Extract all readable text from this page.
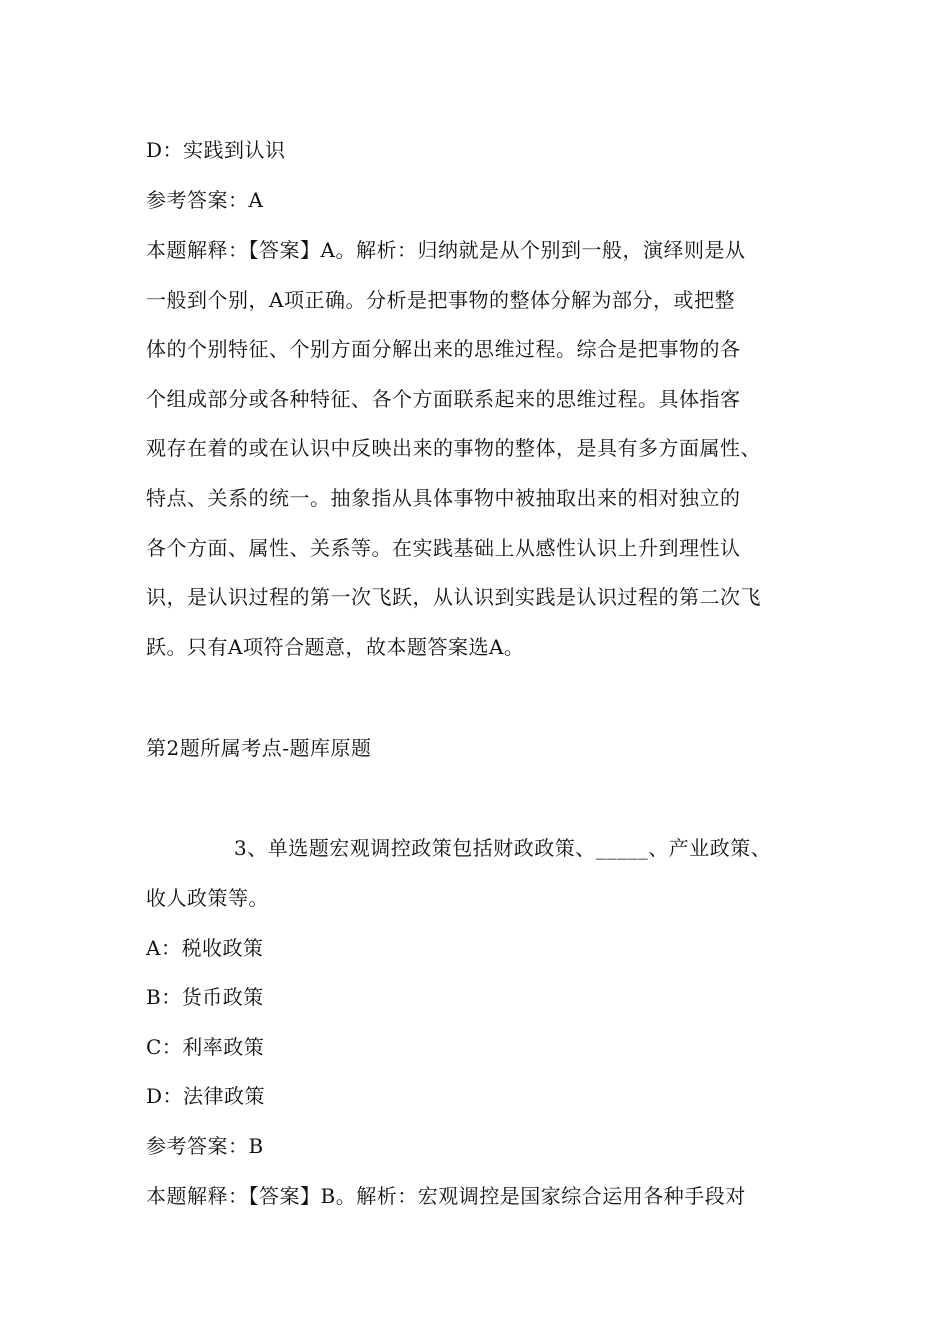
D：实践到认识
参考答案：A
本题解释：【答案】A。解析：归纳就是从个别到一般，演绎则是从
一般到个别，A项正确。分析是把事物的整体分解为部分，或把整
体的个别特征、个别方面分解出来的思维过程。综合是把事物的各
个组成部分或各种特征、各个方面联系起来的思维过程。具体指客
观存在着的或在认识中反映出来的事物的整体，是具有多方面属性、
特点、关系的统一。抽象指从具体事物中被抽取出来的相对独立的
各个方面、属性、关系等。在实践基础上从感性认识上升到理性认
识，是认识过程的第一次飞跃，从认识到实践是认识过程的第二次飞
跃。只有A项符合题意，故本题答案选A。
第2题所属考点-题库原题
3、单选题宏观调控政策包括财政政策、_____、产业政策、
收人政策等。
A：税收政策
B：货币政策
C：利率政策
D：法律政策
参考答案：B
本题解释：【答案】B。解析：宏观调控是国家综合运用各种手段对
